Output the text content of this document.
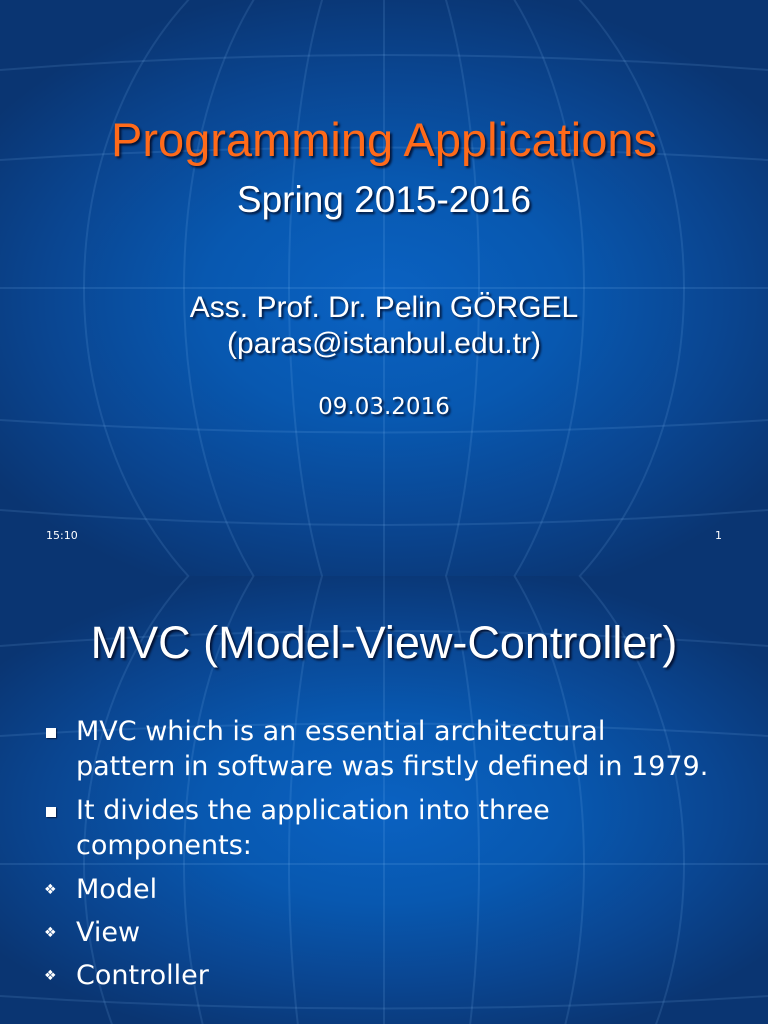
Programming Applications
Spring 2015-2016
Ass. Prof. Dr. Pelin GÖRGEL
(paras@istanbul.edu.tr)
09.03.2016
15:10	1
MVC (Model-View-Controller)
MVC which is an essential architectural pattern in software was firstly defined in 1979.
It divides the application into three components:
❖ Model
❖ View
❖ Controller
